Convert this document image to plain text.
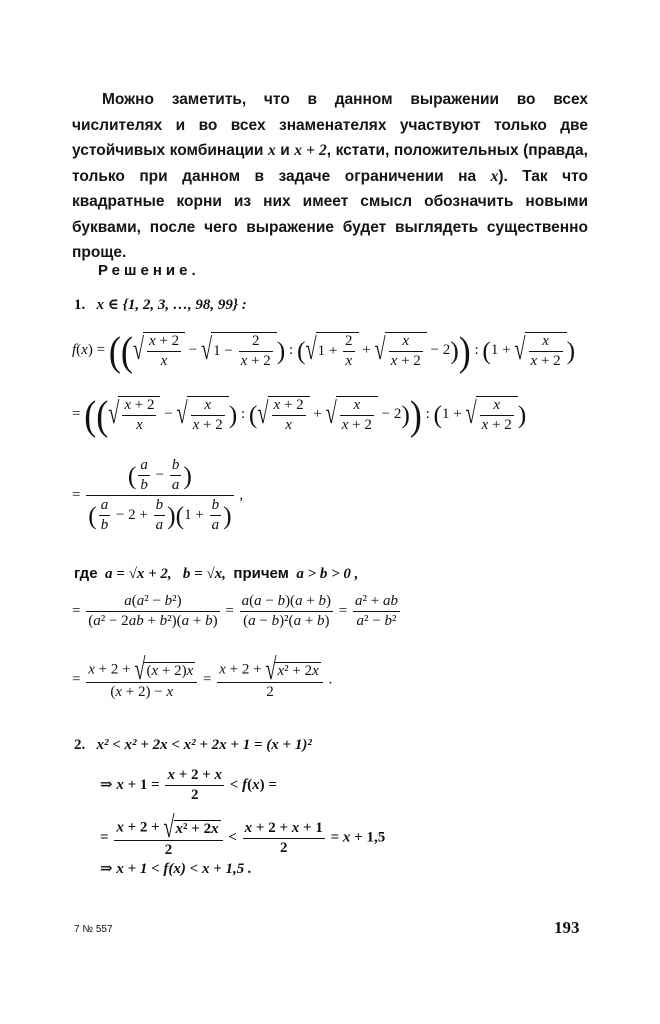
Можно заметить, что в данном выражении во всех числителях и во всех знаменателях участвуют только две устойчивых комбинации x и x + 2, кстати, положительных (правда, только при данном в задаче ограничении на x). Так что квадратные корни из них имеет смысл обозначить новыми буквами, после чего выражение будет выглядеть существенно проще.
Решение.
1. x ∈ {1, 2, 3, …, 98, 99} :
f(x) = ((√ $\frac{x + 2}{x} - √1 - \frac{2}{x + 2}$ ) : ($√1 + \frac{2}{x}$ + √ $\frac{x}{x + 2} - 2$)) : (1 + √ $\frac{x}{x + 2}$ )
= ((√ $\frac{x + 2}{x}$ − √ $\frac{x}{x + 2}$ ) : (√ $\frac{x + 2}{x}$ + √ $\frac{x}{x + 2} - 2$)) : (1 + √ $\frac{x}{x + 2}$ )
= $\frac{( \frac{a}{b} - \frac{b}{a} )}{( \frac{a}{b} - 2 + \frac{b}{a} )(1 + \frac{b}{a} )}$ ,
где a = √x + 2, b = √x, причем a > b > 0 ,
= $\frac{\text{a(a² − b²)}}{\text{(a² − 2ab + b²)(a + b)}} = \frac{a(a - b)(a + b)}{\text{(a − b)²(a + b)}} = \frac{\text{a² + ab}}{\text{a² − b²}}$
= $\frac{x + 2 + √(x + 2)x}{(x + 2) - x} = \frac{\text{x + 2 + √x² + 2x}}{2}$ .
2. x² < x² + 2x < x² + 2x + 1 = (x + 1)²
⇒ $x + 1 = \frac{x + 2 + x}{2} < f(x)$ =
= $\frac{\text{x + 2 + √x² + 2x}}{2} < \frac{x + 2 + x + 1}{2} = x + 1,5$
⇒ x + 1 < f(x) < x + 1,5 .
7 № 557	193
